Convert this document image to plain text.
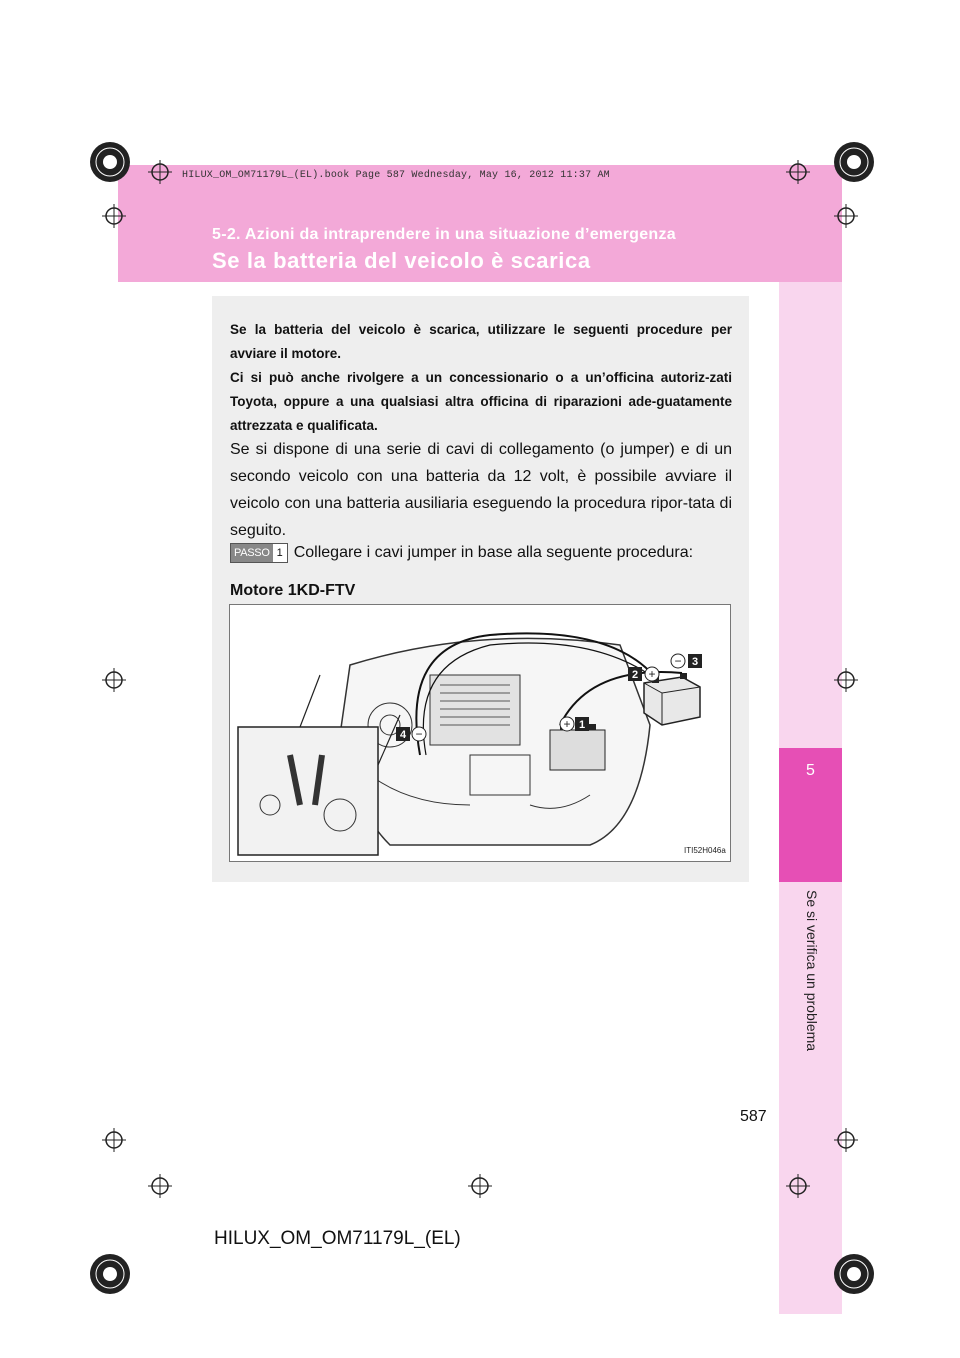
HILUX_OM_OM71179L_(EL).book Page 587 Wednesday, May 16, 2012 11:37 AM
5-2. Azioni da intraprendere in una situazione d’emergenza
Se la batteria del veicolo è scarica
5
Se si verifica un problema
Se la batteria del veicolo è scarica, utilizzare le seguenti procedure per avviare il motore.
Ci si può anche rivolgere a un concessionario o a un’officina autoriz-zati Toyota, oppure a una qualsiasi altra officina di riparazioni ade-guatamente attrezzata e qualificata.
Se si dispone di una serie di cavi di collegamento (o jumper) e di un secondo veicolo con una batteria da 12 volt, è possibile avviare il veicolo con una batteria ausiliaria eseguendo la procedura ripor-tata di seguito.
PASSO 1 Collegare i cavi jumper in base alla seguente procedura:
Motore 1KD-FTV
1
+
2 +
− 3
4 −
ITI52H046a
587
HILUX_OM_OM71179L_(EL)
